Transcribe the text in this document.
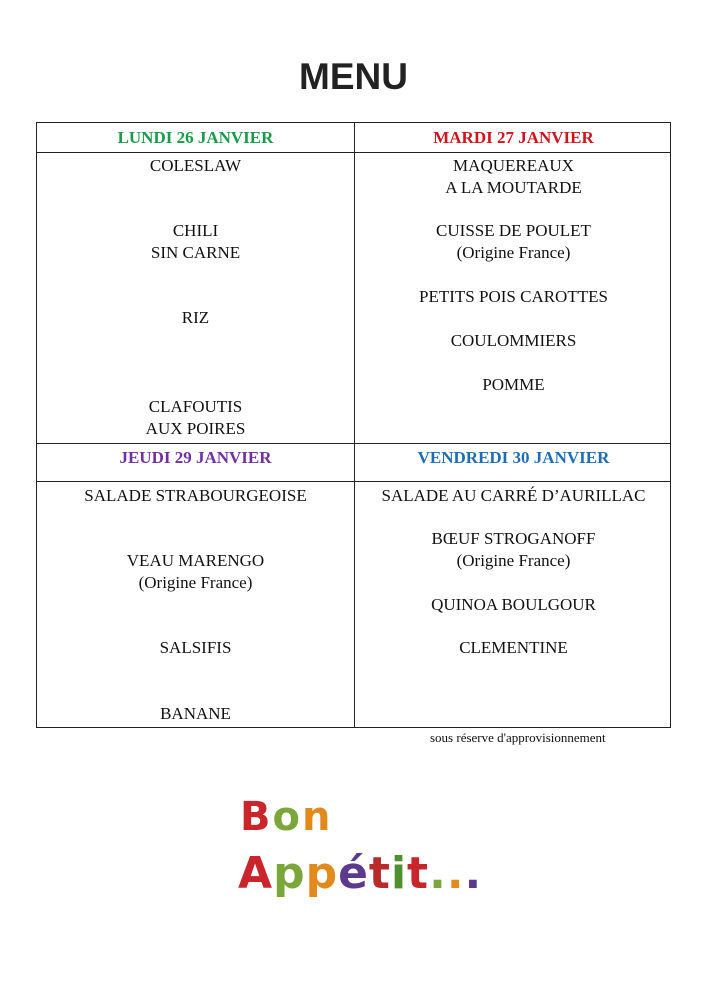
MENU
LUNDI 26 JANVIER	MARDI 27 JANVIER
JEUDI 29 JANVIER	VENDREDI 30 JANVIER
COLESLAW
CHILI
SIN CARNE
RIZ
CLAFOUTIS
AUX POIRES
MAQUEREAUX
A LA MOUTARDE
CUISSE DE POULET
(Origine France)
PETITS POIS CAROTTES
COULOMMIERS
POMME
SALADE STRABOURGEOISE
VEAU MARENGO
(Origine France)
SALSIFIS
BANANE
SALADE AU CARRÉ D’AURILLAC
BŒUF STROGANOFF
(Origine France)
QUINOA BOULGOUR
CLEMENTINE
sous réserve d'approvisionnement
Bon
Appétit...
